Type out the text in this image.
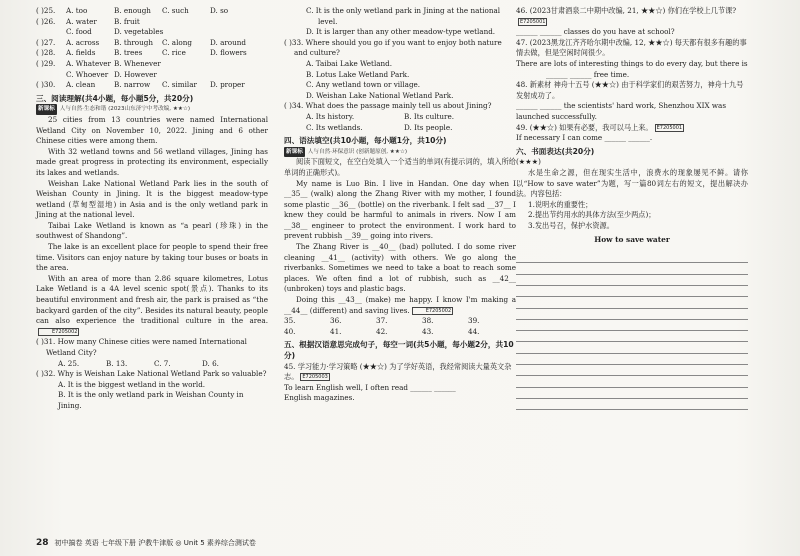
( )25.	A. too	B. enough	C. such	D. so
( )26.	A. water	B. fruit
C. food	D. vegetables
( )27.	A. across	B. through	C. along	D. around
( )28.	A. fields	B. trees	C. rice	D. flowers
( )29.	A. Whatever B. Whenever
C. Whoever D. However
( )30.	A. clean	B. narrow	C. similar	D. proper
三、阅读理解(共4小题，每小题5分，共20分)
新课标 人与自然·生态和谐 (2023山东济宁中考改编, ★★☆)

25 cities from 13 countries were named International Wetland City on November 10, 2022. Jining and 6 other Chinese cities were among them.

With 32 wetland towns and 56 wetland villages, Jining has made great progress in protecting its environment, especially its lakes and wetlands.

Weishan Lake National Wetland Park lies in the south of Weishan County in Jining. It is the biggest meadow-type wetland (草甸型湿地) in Asia and is the only wetland park in Jining at the national level.

Taibai Lake Wetland is known as “a pearl (珍珠) in the southwest of Shandong”.

The lake is an excellent place for people to spend their free time. Visitors can enjoy nature by taking tour buses or boats in the area.

With an area of more than 2.86 square kilometres, Lotus Lake Wetland is a 4A level scenic spot(景点). Thanks to its beautiful environment and fresh air, the park is praised as “the backyard garden of the city”. Besides its natural beauty, people can also experience the traditional culture in the area.E7205002

( )31. How many Chinese cities were named International Wetland City?

A. 25.	B. 13.	C. 7.	D. 6.

( )32. Why is Weishan Lake National Wetland Park so valuable?

A. It is the biggest wetland in the world.

B. It is the only wetland park in Weishan County in Jining.

C. It is the only wetland park in Jining at the national level.

D. It is larger than any other meadow-type wetland.

( )33. Where should you go if you want to enjoy both nature and culture?

A. Taibai Lake Wetland.
B. Lotus Lake Wetland Park.
C. Any wetland town or village.
D. Weishan Lake National Wetland Park.

( )34. What does the passage mainly tell us about Jining?

A. Its history.	B. Its culture.
C. Its wetlands.	D. Its people.
四、语法填空(共10小题，每小题1分，共10分)
新课标 人与自然·环保意识 (创新题原创, ★★☆)

阅读下面短文，在空白处填入一个适当的单词(有提示词的，填入所给单词的正确形式)。

My name is Luo Bin. I live in Handan. One day when I __35__ (walk) along the Zhang River with my mother, I found some plastic __36__ (bottle) on the riverbank. I felt sad __37__ I knew they could be harmful to animals in rivers. Now I am __38__ engineer to protect the environment. I work hard to prevent rubbish __39__ going into rivers.

The Zhang River is __40__ (bad) polluted. I do some river cleaning __41__ (activity) with others. We go along the riverbanks. Sometimes we need to take a boat to reach some places. We often find a lot of rubbish, such as __42__ (unbroken) toys and plastic bags.

Doing this __43__ (make) me happy. I know I'm making a __44__ (different) and saving lives.	E7205002

35.	36.	37.	38.	39.
40.	41.	42.	43.	44.
五、根据汉语意思完成句子，每空一词(共5小题，每小题2分，共10分)

45. 学习能力·学习策略 (★★☆) 为了学好英语，我经常阅读大量英文杂志。 E7205003

To learn English well, I often read ______ ______

English magazines.

46. (2023甘肃酒泉二中期中改编, 21, ★★☆) 你们在学校上几节课?

E7205001

______ ______ classes do you have at school?

47. (2023黑龙江齐齐哈尔期中改编, 12, ★★☆) 每天都有很多有趣的事情去做，但是空闲时间很少。

There are lots of interesting things to do every day, but there is

______ ______ free time.

48. 新素材 神舟十五号 (★★☆) 由于科学家们的艰苦努力，神舟十九号发射成功了。

______ ______ the scientists' hard work, Shenzhou XIX was

launched successfully.

49. (★★☆) 如果有必要，我可以马上来。 E7205001

If necessary I can come ______ ______.

六、书面表达(共20分)

(★★★)

水是生命之源，但在现实生活中，浪费水的现象屡见不鲜。请你以“How to save water”为题，写一篇80词左右的短文，提出解决办法。内容包括：

1.说明水的重要性；
2.提出节约用水的具体方法(至少两点)；
3.发出号召，保护水资源。
How to save water
28 初中搞卷 英语 七年级下册 沪教牛津版 ◎ Unit 5 素养综合测试卷
